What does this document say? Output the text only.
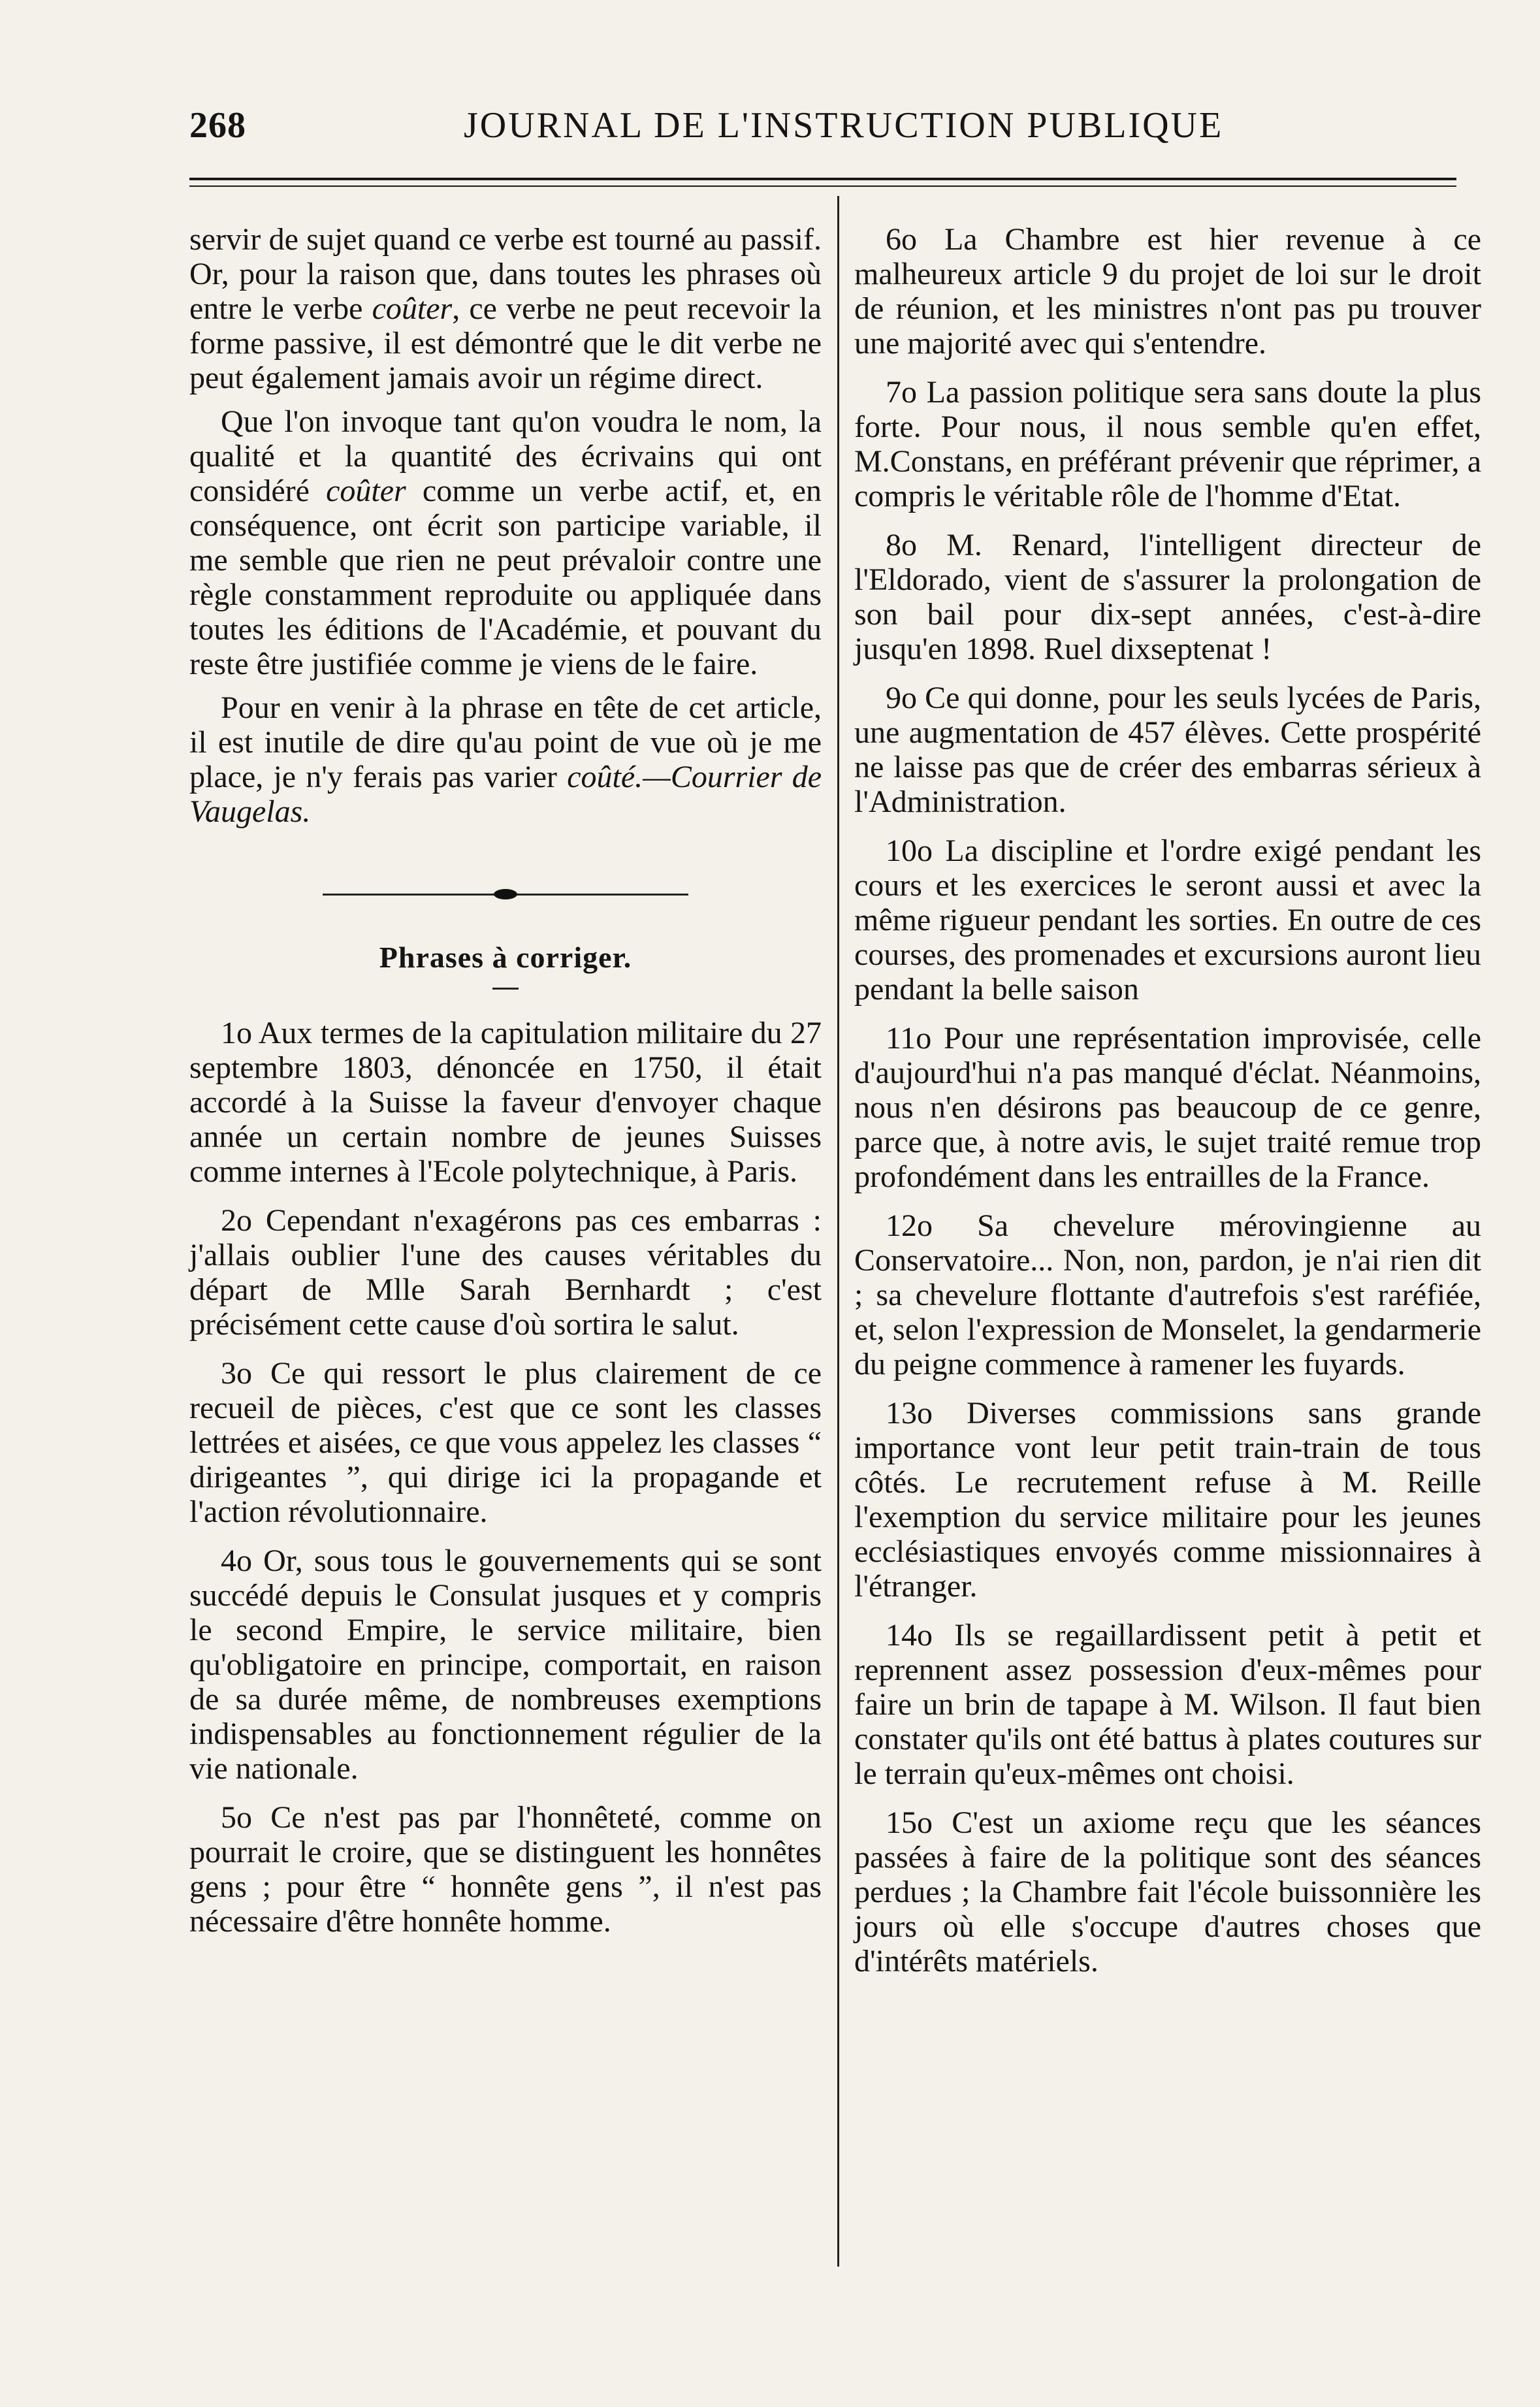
268	JOURNAL DE L'INSTRUCTION PUBLIQUE

servir de sujet quand ce verbe est tourné au passif. Or, pour la raison que, dans toutes les phrases où entre le verbe coûter, ce verbe ne peut recevoir la forme passive, il est démontré que le dit verbe ne peut également jamais avoir un régime direct.

Que l'on invoque tant qu'on voudra le nom, la qualité et la quantité des écrivains qui ont considéré coûter comme un verbe actif, et, en conséquence, ont écrit son participe variable, il me semble que rien ne peut prévaloir contre une règle constamment reproduite ou appliquée dans toutes les éditions de l'Académie, et pouvant du reste être justifiée comme je viens de le faire.

Pour en venir à la phrase en tête de cet article, il est inutile de dire qu'au point de vue où je me place, je n'y ferais pas varier coûté.—Courrier de Vaugelas.

Phrases à corriger.

1o Aux termes de la capitulation militaire du 27 septembre 1803, dénoncée en 1750, il était accordé à la Suisse la faveur d'envoyer chaque année un certain nombre de jeunes Suisses comme internes à l'Ecole polytechnique, à Paris.

2o Cependant n'exagérons pas ces embarras : j'allais oublier l'une des causes véritables du départ de Mlle Sarah Bernhardt ; c'est précisément cette cause d'où sortira le salut.

3o Ce qui ressort le plus clairement de ce recueil de pièces, c'est que ce sont les classes lettrées et aisées, ce que vous appelez les classes “ dirigeantes ”, qui dirige ici la propagande et l'action révolutionnaire.

4o Or, sous tous le gouvernements qui se sont succédé depuis le Consulat jusques et y compris le second Empire, le service militaire, bien qu'obligatoire en principe, comportait, en raison de sa durée même, de nombreuses exemptions indispensables au fonctionnement régulier de la vie nationale.

5o Ce n'est pas par l'honnêteté, comme on pourrait le croire, que se distinguent les honnêtes gens ; pour être “ honnête gens ”, il n'est pas nécessaire d'être honnête homme.

6o La Chambre est hier revenue à ce malheureux article 9 du projet de loi sur le droit de réunion, et les ministres n'ont pas pu trouver une majorité avec qui s'entendre.

7o La passion politique sera sans doute la plus forte. Pour nous, il nous semble qu'en effet, M.Constans, en préférant prévenir que réprimer, a compris le véritable rôle de l'homme d'Etat.

8o M. Renard, l'intelligent directeur de l'Eldorado, vient de s'assurer la prolongation de son bail pour dix-sept années, c'est-à-dire jusqu'en 1898. Ruel dixseptenat !

9o Ce qui donne, pour les seuls lycées de Paris, une augmentation de 457 élèves. Cette prospérité ne laisse pas que de créer des embarras sérieux à l'Administration.

10o La discipline et l'ordre exigé pendant les cours et les exercices le seront aussi et avec la même rigueur pendant les sorties. En outre de ces courses, des promenades et excursions auront lieu pendant la belle saison

11o Pour une représentation improvisée, celle d'aujourd'hui n'a pas manqué d'éclat. Néanmoins, nous n'en désirons pas beaucoup de ce genre, parce que, à notre avis, le sujet traité remue trop profondément dans les entrailles de la France.

12o Sa chevelure mérovingienne au Conservatoire... Non, non, pardon, je n'ai rien dit ; sa chevelure flottante d'autrefois s'est raréfiée, et, selon l'expression de Monselet, la gendarmerie du peigne commence à ramener les fuyards.

13o Diverses commissions sans grande importance vont leur petit train-train de tous côtés. Le recrutement refuse à M. Reille l'exemption du service militaire pour les jeunes ecclésiastiques envoyés comme missionnaires à l'étranger.

14o Ils se regaillardissent petit à petit et reprennent assez possession d'eux-mêmes pour faire un brin de tapape à M. Wilson. Il faut bien constater qu'ils ont été battus à plates coutures sur le terrain qu'eux-mêmes ont choisi.

15o C'est un axiome reçu que les séances passées à faire de la politique sont des séances perdues ; la Chambre fait l'école buissonnière les jours où elle s'occupe d'autres choses que d'intérêts matériels.
